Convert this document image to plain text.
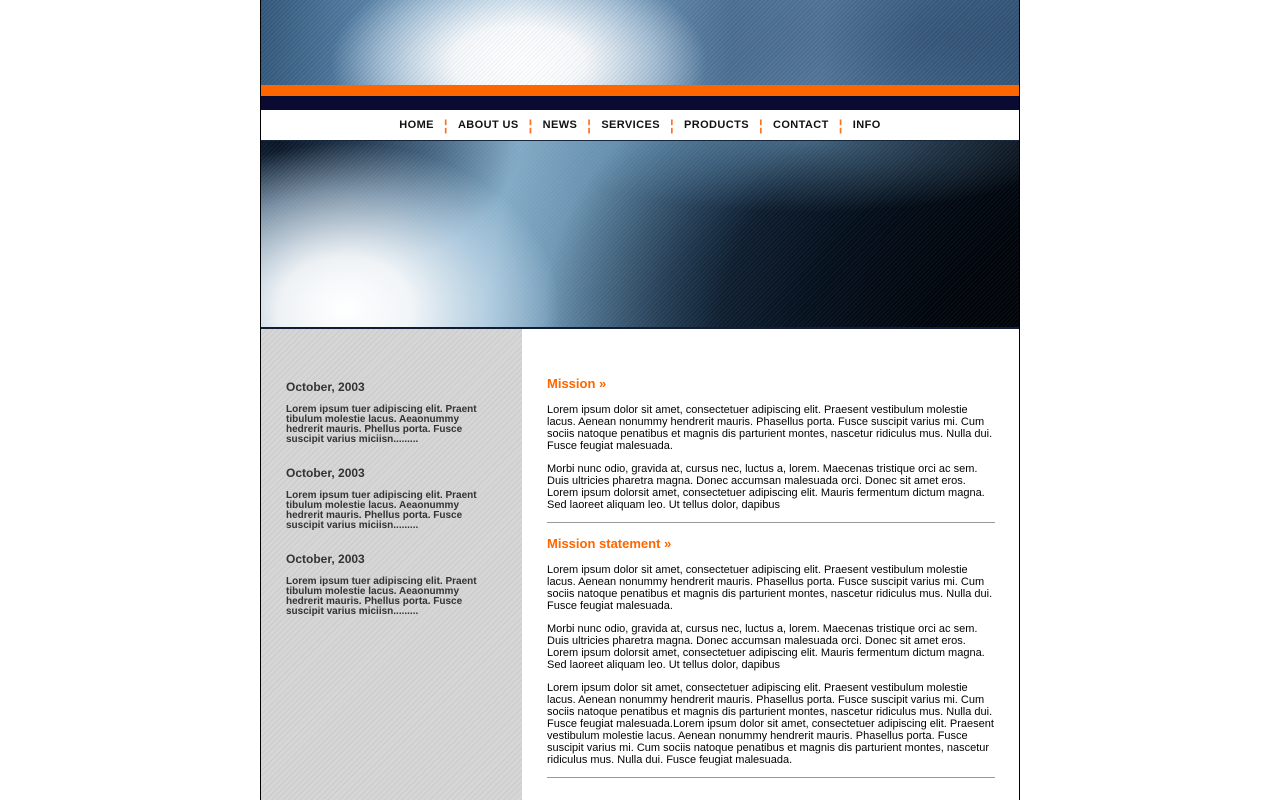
HOME ¦ ABOUT US ¦ NEWS ¦ SERVICES ¦ PRODUCTS ¦ CONTACT ¦ INFO
October, 2003

Lorem ipsum tuer adipiscing elit. Praent tibulum molestie lacus. Aeaonummy hedrerit mauris. Phellus porta. Fusce suscipit varius miciisn.........

October, 2003

Lorem ipsum tuer adipiscing elit. Praent tibulum molestie lacus. Aeaonummy hedrerit mauris. Phellus porta. Fusce suscipit varius miciisn.........

October, 2003

Lorem ipsum tuer adipiscing elit. Praent tibulum molestie lacus. Aeaonummy hedrerit mauris. Phellus porta. Fusce suscipit varius miciisn.........

Mission »

Lorem ipsum dolor sit amet, consectetuer adipiscing elit. Praesent vestibulum molestie lacus. Aenean nonummy hendrerit mauris. Phasellus porta. Fusce suscipit varius mi. Cum sociis natoque penatibus et magnis dis parturient montes, nascetur ridiculus mus. Nulla dui. Fusce feugiat malesuada.

Morbi nunc odio, gravida at, cursus nec, luctus a, lorem. Maecenas tristique orci ac sem. Duis ultricies pharetra magna. Donec accumsan malesuada orci. Donec sit amet eros. Lorem ipsum dolorsit amet, consectetuer adipiscing elit. Mauris fermentum dictum magna. Sed laoreet aliquam leo. Ut tellus dolor, dapibus

Mission statement »

Lorem ipsum dolor sit amet, consectetuer adipiscing elit. Praesent vestibulum molestie lacus. Aenean nonummy hendrerit mauris. Phasellus porta. Fusce suscipit varius mi. Cum sociis natoque penatibus et magnis dis parturient montes, nascetur ridiculus mus. Nulla dui. Fusce feugiat malesuada.

Morbi nunc odio, gravida at, cursus nec, luctus a, lorem. Maecenas tristique orci ac sem. Duis ultricies pharetra magna. Donec accumsan malesuada orci. Donec sit amet eros. Lorem ipsum dolorsit amet, consectetuer adipiscing elit. Mauris fermentum dictum magna. Sed laoreet aliquam leo. Ut tellus dolor, dapibus

Lorem ipsum dolor sit amet, consectetuer adipiscing elit. Praesent vestibulum molestie lacus. Aenean nonummy hendrerit mauris. Phasellus porta. Fusce suscipit varius mi. Cum sociis natoque penatibus et magnis dis parturient montes, nascetur ridiculus mus. Nulla dui. Fusce feugiat malesuada.Lorem ipsum dolor sit amet, consectetuer adipiscing elit. Praesent vestibulum molestie lacus. Aenean nonummy hendrerit mauris. Phasellus porta. Fusce suscipit varius mi. Cum sociis natoque penatibus et magnis dis parturient montes, nascetur ridiculus mus. Nulla dui. Fusce feugiat malesuada.
